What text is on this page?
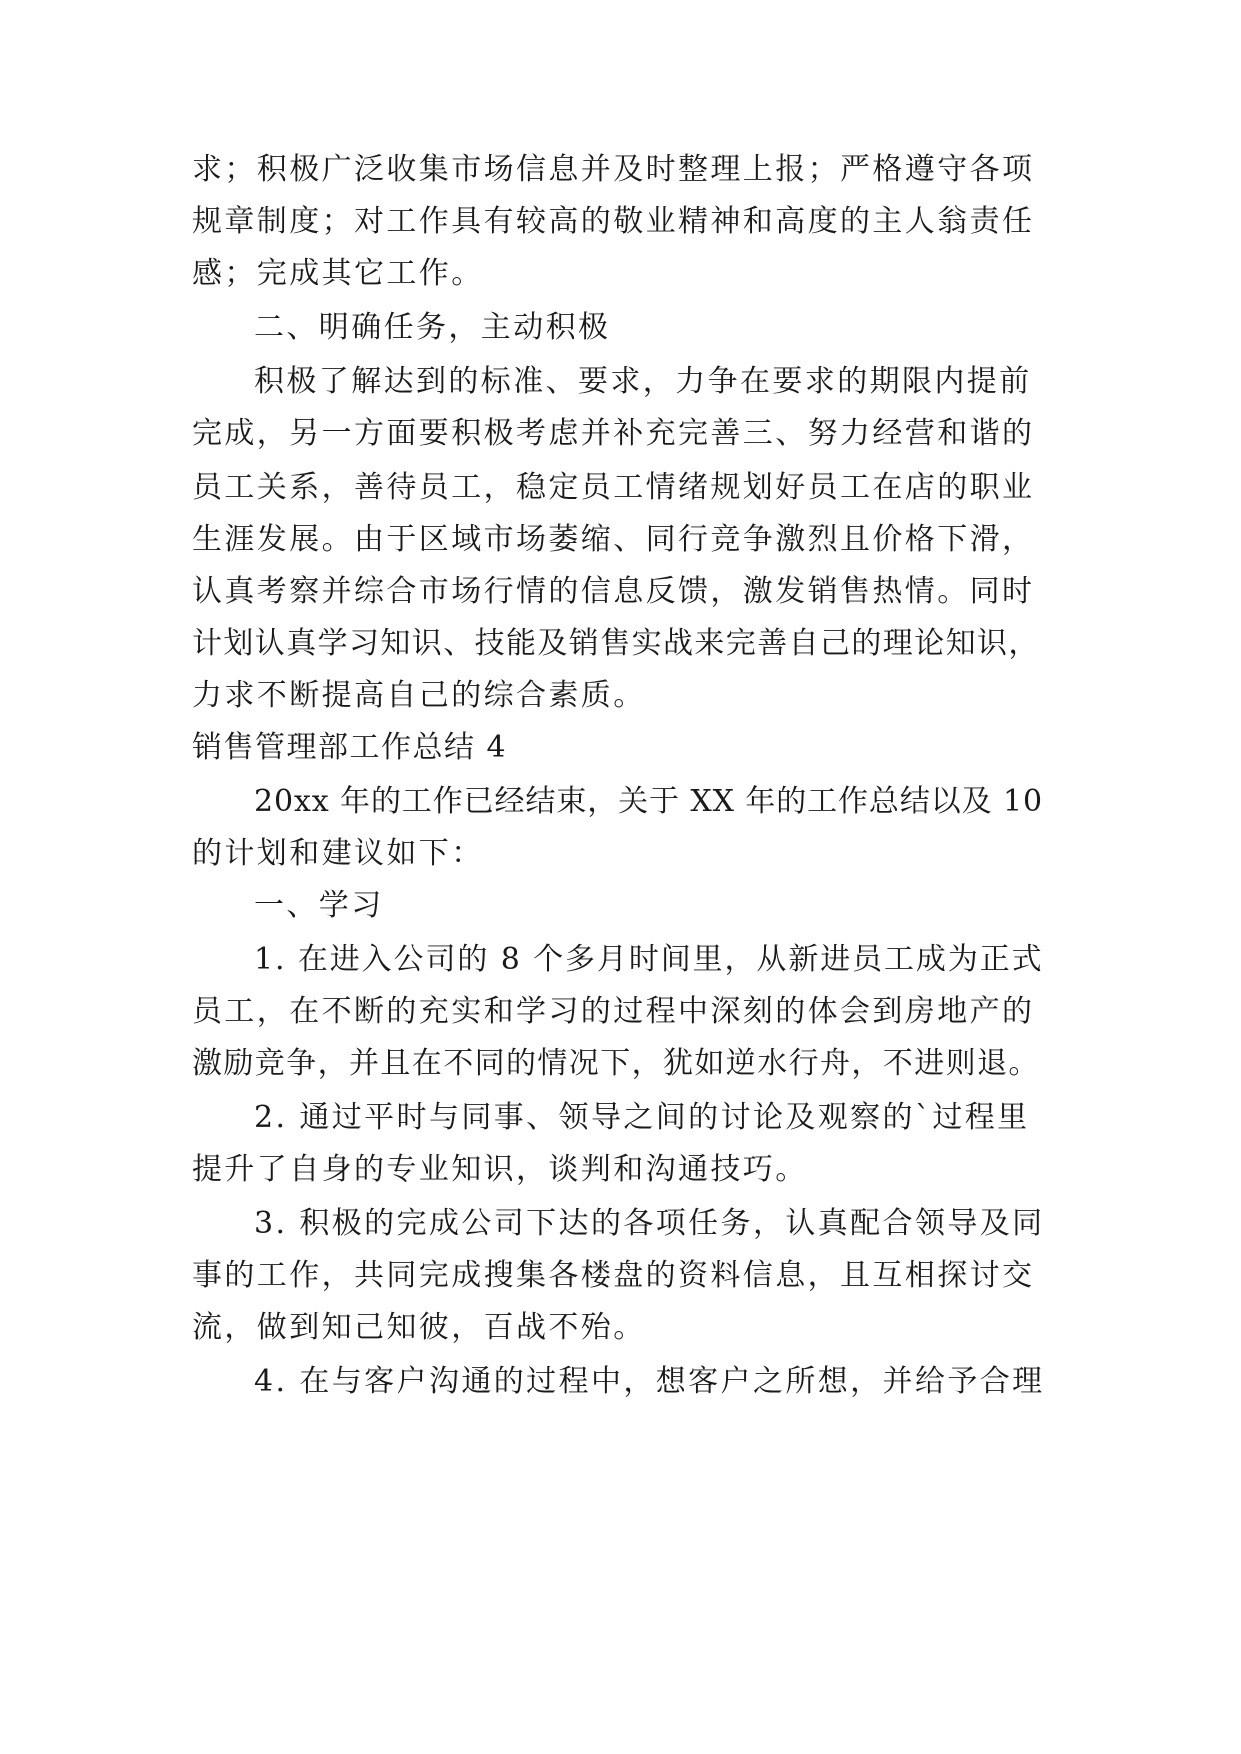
求；积极广泛收集市场信息并及时整理上报；严格遵守各项
规章制度；对工作具有较高的敬业精神和高度的主人翁责任
感；完成其它工作。
二、明确任务，主动积极
积极了解达到的标准、要求，力争在要求的期限内提前
完成，另一方面要积极考虑并补充完善三、努力经营和谐的
员工关系，善待员工，稳定员工情绪规划好员工在店的职业
生涯发展。由于区域市场萎缩、同行竞争激烈且价格下滑，
认真考察并综合市场行情的信息反馈，激发销售热情。同时
计划认真学习知识、技能及销售实战来完善自己的理论知识，
力求不断提高自己的综合素质。
销售管理部工作总结 4
20xx 年的工作已经结束，关于 XX 年的工作总结以及 10
的计划和建议如下：
一、学习
1. 在进入公司的 8 个多月时间里，从新进员工成为正式
员工，在不断的充实和学习的过程中深刻的体会到房地产的
激励竞争，并且在不同的情况下，犹如逆水行舟，不进则退。
2. 通过平时与同事、领导之间的讨论及观察的`过程里
提升了自身的专业知识，谈判和沟通技巧。
3. 积极的完成公司下达的各项任务，认真配合领导及同
事的工作，共同完成搜集各楼盘的资料信息，且互相探讨交
流，做到知己知彼，百战不殆。
4. 在与客户沟通的过程中，想客户之所想，并给予合理
